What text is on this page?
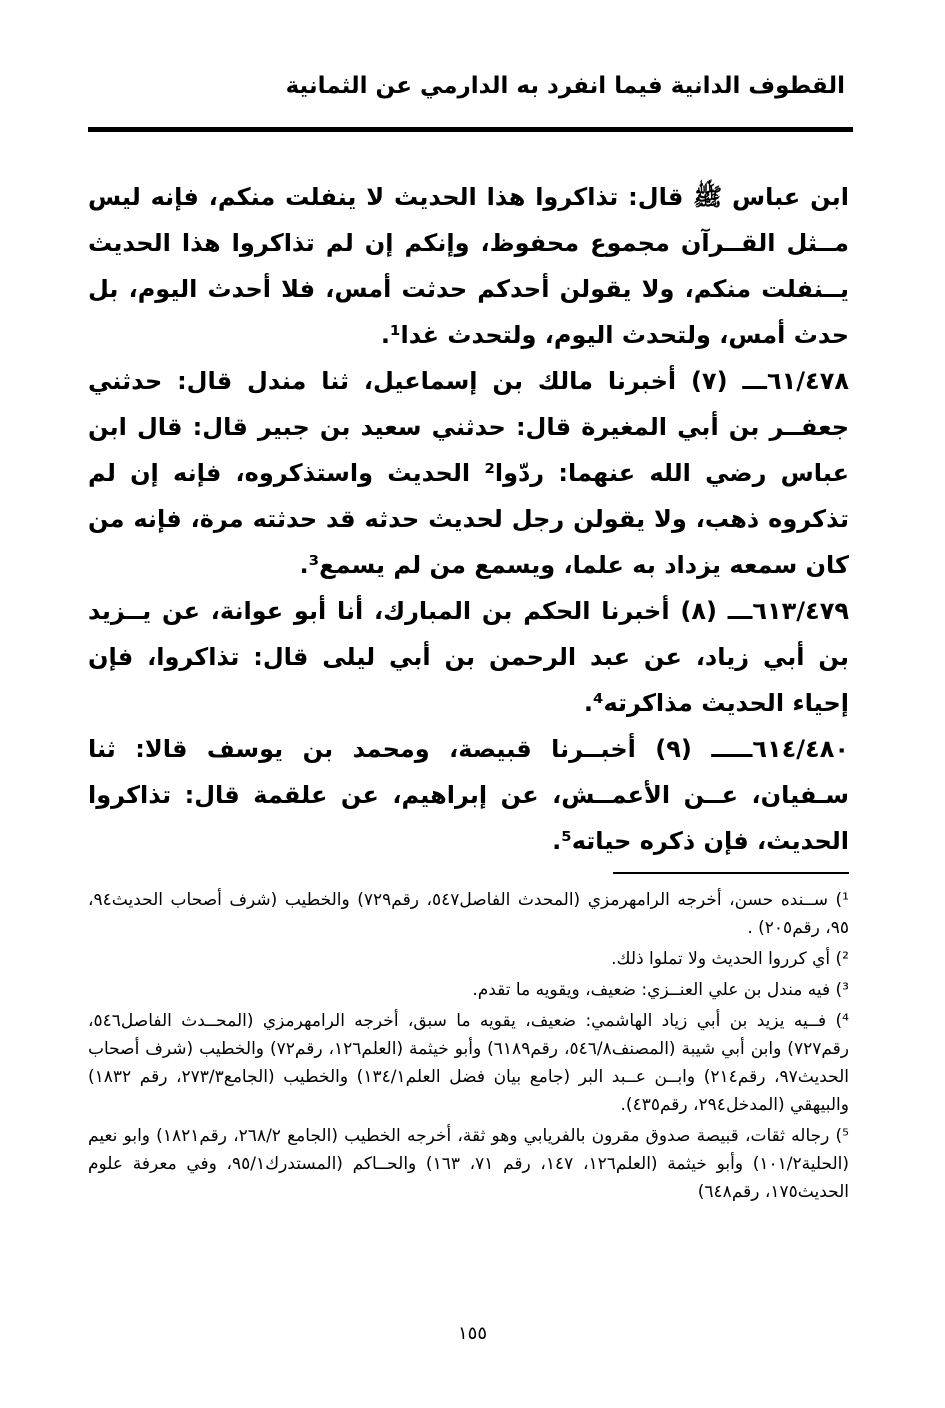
القطوف الدانية فيما انفرد به الدارمي عن الثمانية

ابن عباس ﷺ قال: تذاكروا هذا الحديث لا ينفلت منكم، فإنه ليس مــثل القــرآن مجموع محفوظ، وإنكم إن لم تذاكروا هذا الحديث يــنفلت منكم، ولا يقولن أحدكم حدثت أمس، فلا أحدث اليوم، بل حدث أمس، ولتحدث اليوم، ولتحدث غدا¹.

٦١/٤٧٨ـــ (٧) أخبرنا مالك بن إسماعيل، ثنا مندل قال: حدثني جعفــر بن أبي المغيرة قال: حدثني سعيد بن جبير قال: قال ابن عباس رضي الله عنهما: ردّوا² الحديث واستذكروه، فإنه إن لم تذكروه ذهب، ولا يقولن رجل لحديث حدثه قد حدثته مرة، فإنه من كان سمعه يزداد به علما، ويسمع من لم يسمع³.

٦١٣/٤٧٩ـــ (٨) أخبرنا الحكم بن المبارك، أنا أبو عوانة، عن يــزيد بن أبي زياد، عن عبد الرحمن بن أبي ليلى قال: تذاكروا، فإن إحياء الحديث مذاكرته⁴.

٦١٤/٤٨٠ـــــ (٩) أخبــرنا قبيصة، ومحمد بن يوسف قالا: ثنا سـفيان، عــن الأعمــش، عن إبراهيم، عن علقمة قال: تذاكروا الحديث، فإن ذكره حياته⁵.

¹) ســنده حسن، أخرجه الرامهرمزي (المحدث الفاصل٥٤٧، رقم٧٢٩) والخطيب (شرف أصحاب الحديث٩٤، ٩٥، رقم٢٠٥) .

²) أي كرروا الحديث ولا تملوا ذلك.

³) فيه مندل بن علي العنــزي: ضعيف، ويقويه ما تقدم.

⁴) فــيه يزيد بن أبي زياد الهاشمي: ضعيف، يقويه ما سبق، أخرجه الرامهرمزي (المحــدث الفاصل٥٤٦، رقم٧٢٧) وابن أبي شيبة (المصنف٥٤٦/٨، رقم٦١٨٩) وأبو خيثمة (العلم١٢٦، رقم٧٢) والخطيب (شرف أصحاب الحديث٩٧، رقم٢١٤) وابــن عــبد البر (جامع بيان فضل العلم١٣٤/١) والخطيب (الجامع٢٧٣/٣، رقم ١٨٣٢) والبيهقي (المدخل٢٩٤، رقم٤٣٥).

⁵) رجاله ثقات، قبيصة صدوق مقرون بالفريابي وهو ثقة، أخرجه الخطيب (الجامع ٢٦٨/٢، رقم١٨٢١) وابو نعيم (الحلية١٠١/٢) وأبو خيثمة (العلم١٢٦، ١٤٧، رقم ٧١، ١٦٣) والحــاكم (المستدرك٩٥/١، وفي معرفة علوم الحديث١٧٥، رقم٦٤٨)

١٥٥
